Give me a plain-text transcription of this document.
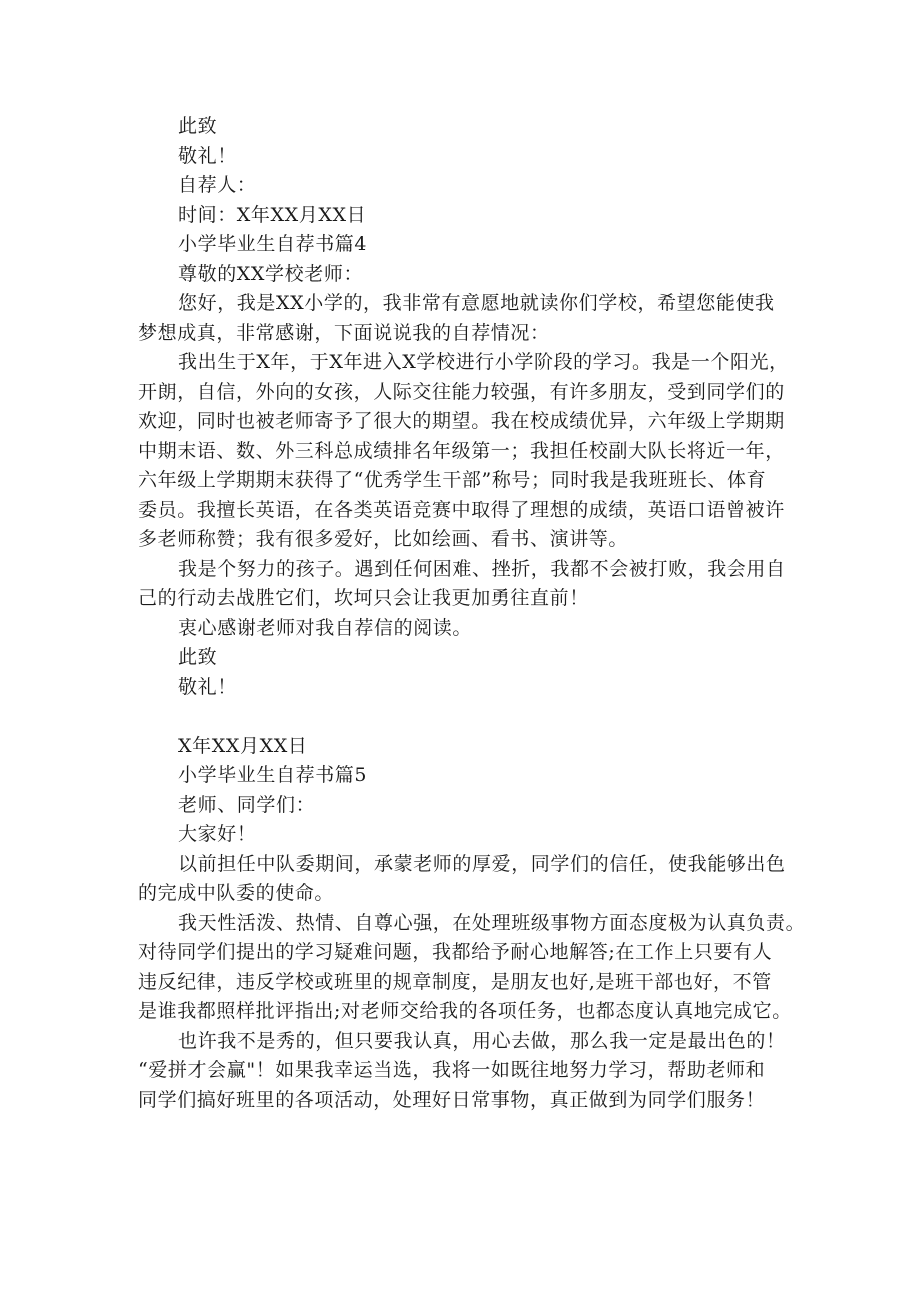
此致
敬礼！
自荐人：
时间：X年XX月XX日
小学毕业生自荐书篇4
尊敬的XX学校老师：
您好，我是XX小学的，我非常有意愿地就读你们学校，希望您能使我
梦想成真，非常感谢，下面说说我的自荐情况：
我出生于X年，于X年进入X学校进行小学阶段的学习。我是一个阳光，
开朗，自信，外向的女孩，人际交往能力较强，有许多朋友，受到同学们的
欢迎，同时也被老师寄予了很大的期望。我在校成绩优异，六年级上学期期
中期末语、数、外三科总成绩排名年级第一；我担任校副大队长将近一年，
六年级上学期期末获得了“优秀学生干部”称号；同时我是我班班长、体育
委员。我擅长英语，在各类英语竞赛中取得了理想的成绩，英语口语曾被许
多老师称赞；我有很多爱好，比如绘画、看书、演讲等。
我是个努力的孩子。遇到任何困难、挫折，我都不会被打败，我会用自
己的行动去战胜它们，坎坷只会让我更加勇往直前！
衷心感谢老师对我自荐信的阅读。
此致
敬礼！
X年XX月XX日
小学毕业生自荐书篇5
老师、同学们：
大家好！
以前担任中队委期间，承蒙老师的厚爱，同学们的信任，使我能够出色
的完成中队委的使命。
我天性活泼、热情、自尊心强，在处理班级事物方面态度极为认真负责。
对待同学们提出的学习疑难问题，我都给予耐心地解答;在工作上只要有人
违反纪律，违反学校或班里的规章制度，是朋友也好,是班干部也好，不管
是谁我都照样批评指出;对老师交给我的各项任务，也都态度认真地完成它。
也许我不是秀的，但只要我认真，用心去做，那么我一定是最出色的！
“爱拼才会赢"！如果我幸运当选，我将一如既往地努力学习，帮助老师和
同学们搞好班里的各项活动，处理好日常事物，真正做到为同学们服务！
